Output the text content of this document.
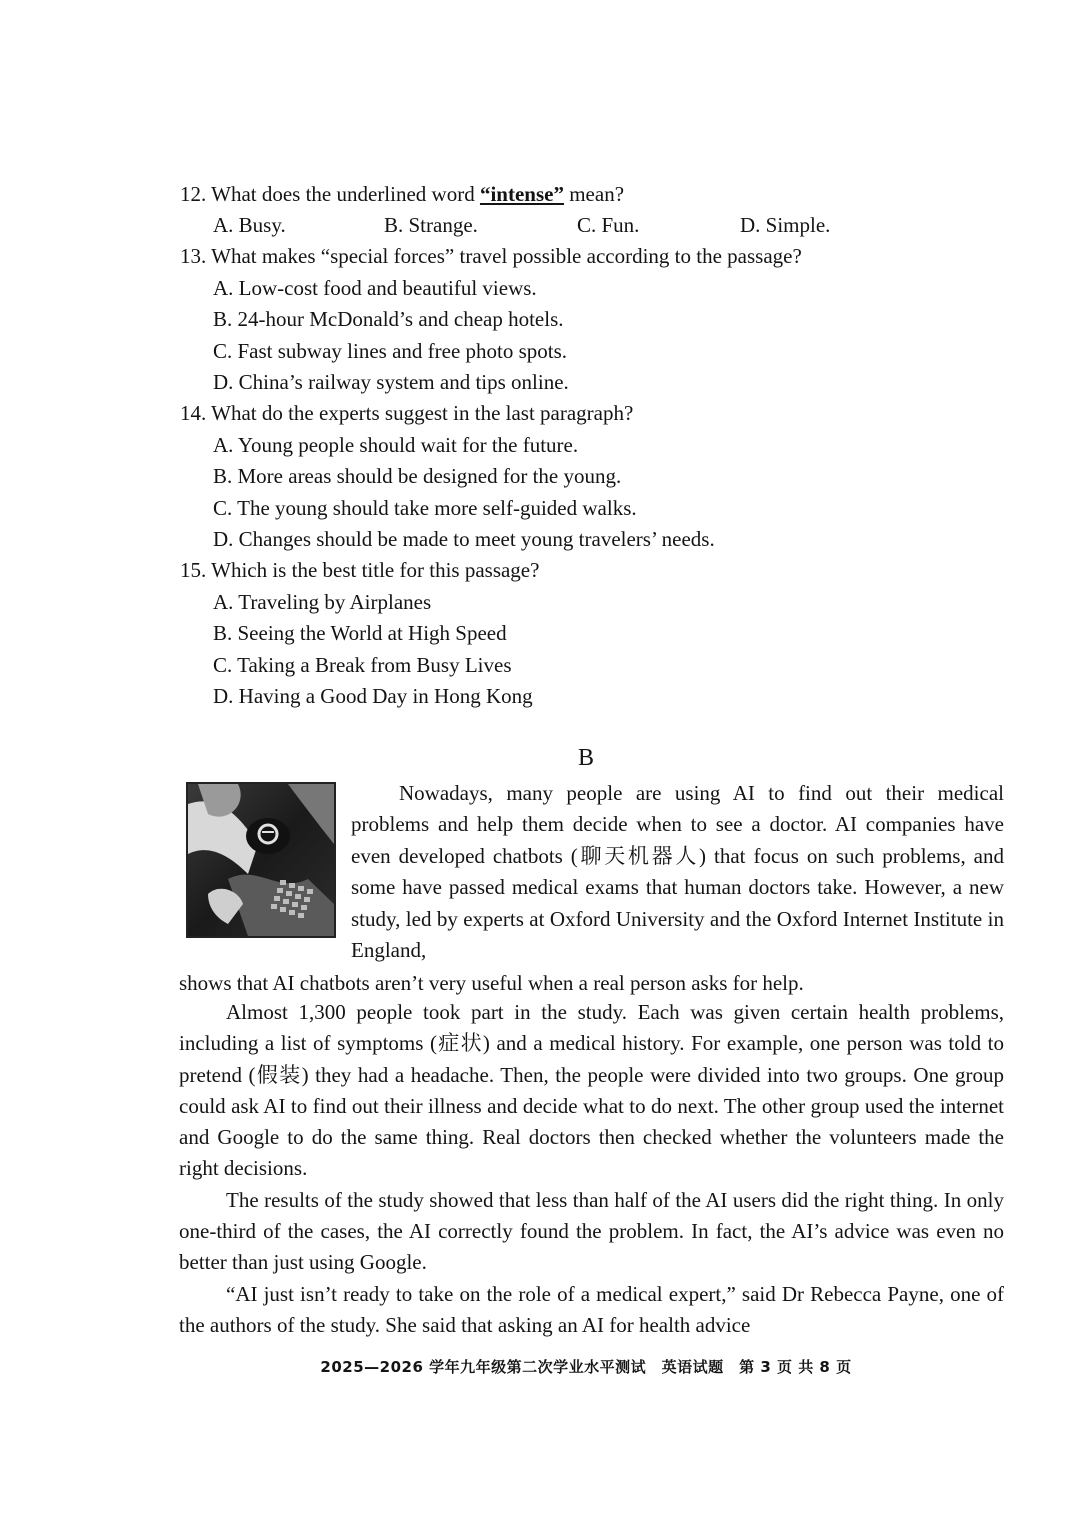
12. What does the underlined word “intense” mean?
A. Busy.	B. Strange.	C. Fun.	D. Simple.
13. What makes “special forces” travel possible according to the passage?
A. Low-cost food and beautiful views.
B. 24-hour McDonald’s and cheap hotels.
C. Fast subway lines and free photo spots.
D. China’s railway system and tips online.
14. What do the experts suggest in the last paragraph?
A. Young people should wait for the future.
B. More areas should be designed for the young.
C. The young should take more self-guided walks.
D. Changes should be made to meet young travelers’ needs.
15. Which is the best title for this passage?
A. Traveling by Airplanes
B. Seeing the World at High Speed
C. Taking a Break from Busy Lives
D. Having a Good Day in Hong Kong
B

Nowadays, many people are using AI to find out their medical problems and help them decide when to see a doctor. AI companies have even developed chatbots (聊天机器人) that focus on such problems, and some have passed medical exams that human doctors take. However, a new study, led by experts at Oxford University and the Oxford Internet Institute in England,

shows that AI chatbots aren’t very useful when a real person asks for help.

Almost 1,300 people took part in the study. Each was given certain health problems, including a list of symptoms (症状) and a medical history. For example, one person was told to pretend (假装) they had a headache. Then, the people were divided into two groups. One group could ask AI to find out their illness and decide what to do next. The other group used the internet and Google to do the same thing. Real doctors then checked whether the volunteers made the right decisions.

The results of the study showed that less than half of the AI users did the right thing. In only one-third of the cases, the AI correctly found the problem. In fact, the AI’s advice was even no better than just using Google.

“AI just isn’t ready to take on the role of a medical expert,” said Dr Rebecca Payne, one of the authors of the study. She said that asking an AI for health advice

2025—2026 学年九年级第二次学业水平测试　英语试题　第 3 页 共 8 页
